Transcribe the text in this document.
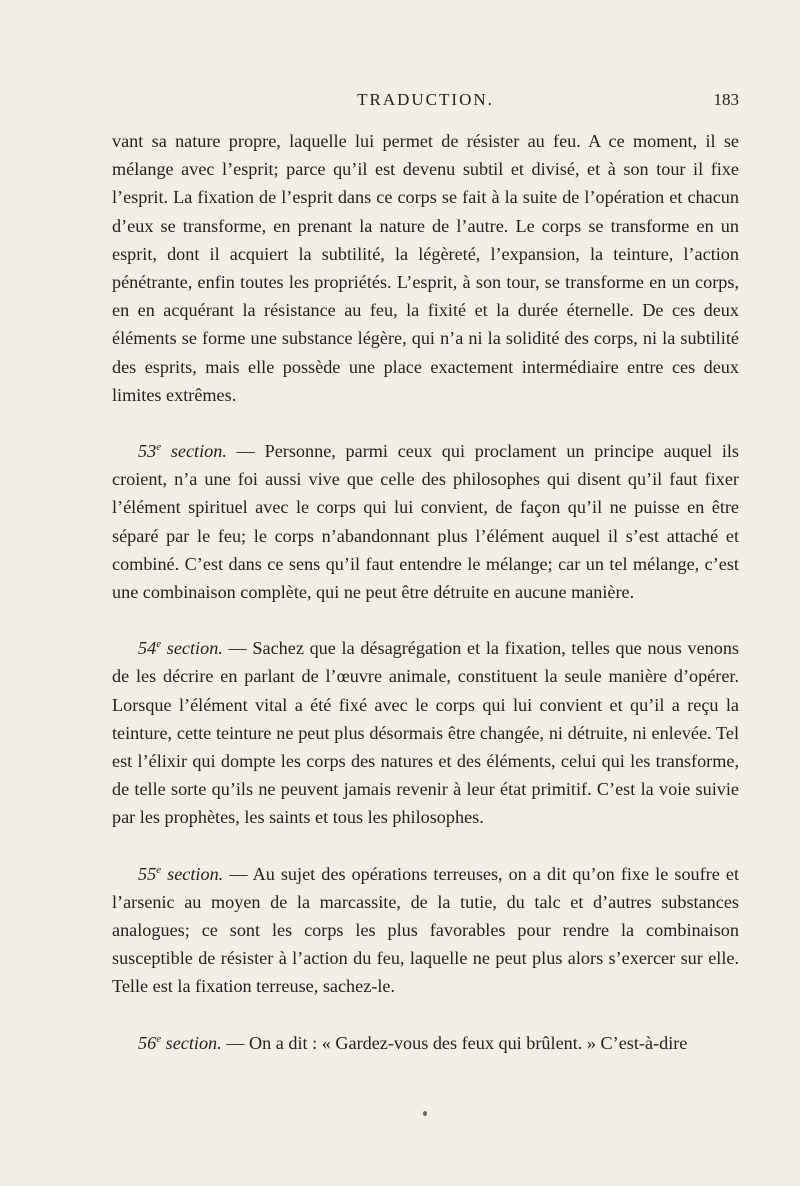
TRADUCTION.	183

vant sa nature propre, laquelle lui permet de résister au feu. A ce moment, il se mélange avec l’esprit; parce qu’il est devenu subtil et divisé, et à son tour il fixe l’esprit. La fixation de l’esprit dans ce corps se fait à la suite de l’opération et chacun d’eux se transforme, en prenant la nature de l’autre. Le corps se transforme en un esprit, dont il acquiert la subtilité, la légèreté, l’expansion, la teinture, l’action pénétrante, enfin toutes les propriétés. L’esprit, à son tour, se transforme en un corps, en en acquérant la résistance au feu, la fixité et la durée éternelle. De ces deux éléments se forme une substance légère, qui n’a ni la solidité des corps, ni la subtilité des esprits, mais elle possède une place exactement intermédiaire entre ces deux limites extrêmes.

53e section. — Personne, parmi ceux qui proclament un principe auquel ils croient, n’a une foi aussi vive que celle des philosophes qui disent qu’il faut fixer l’élément spirituel avec le corps qui lui convient, de façon qu’il ne puisse en être séparé par le feu; le corps n’abandonnant plus l’élément auquel il s’est attaché et combiné. C’est dans ce sens qu’il faut entendre le mélange; car un tel mélange, c’est une combinaison complète, qui ne peut être détruite en aucune manière.

54e section. — Sachez que la désagrégation et la fixation, telles que nous venons de les décrire en parlant de l’œuvre animale, constituent la seule manière d’opérer. Lorsque l’élément vital a été fixé avec le corps qui lui convient et qu’il a reçu la teinture, cette teinture ne peut plus désormais être changée, ni détruite, ni enlevée. Tel est l’élixir qui dompte les corps des natures et des éléments, celui qui les transforme, de telle sorte qu’ils ne peuvent jamais revenir à leur état primitif. C’est la voie suivie par les prophètes, les saints et tous les philosophes.

55e section. — Au sujet des opérations terreuses, on a dit qu’on fixe le soufre et l’arsenic au moyen de la marcassite, de la tutie, du talc et d’autres substances analogues; ce sont les corps les plus favorables pour rendre la combinaison susceptible de résister à l’action du feu, laquelle ne peut plus alors s’exercer sur elle. Telle est la fixation terreuse, sachez-le.

56e section. — On a dit : « Gardez-vous des feux qui brûlent. » C’est-à-dire
